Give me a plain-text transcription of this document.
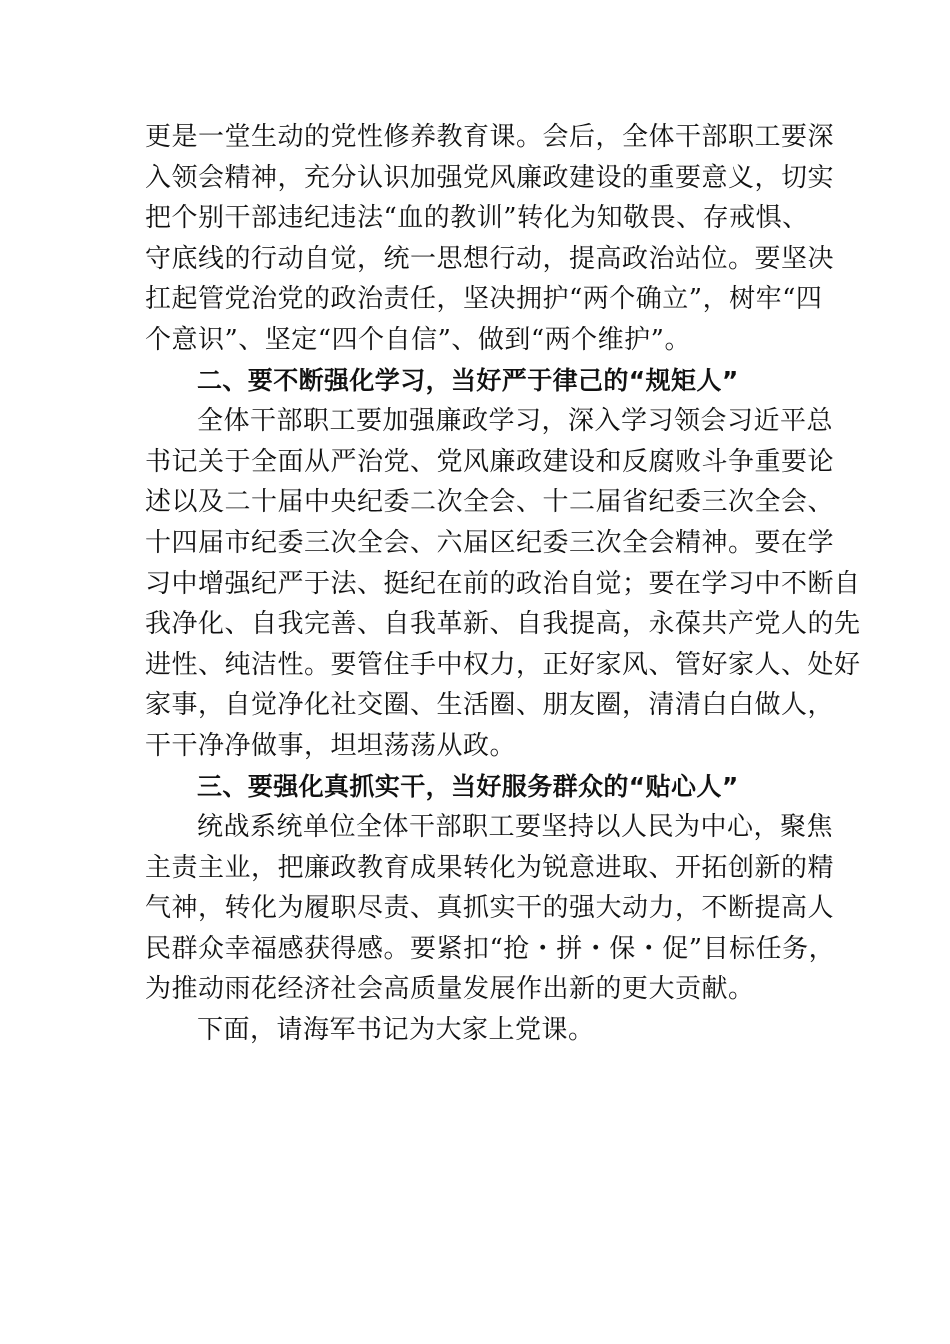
更是一堂生动的党性修养教育课。会后，全体干部职工要深
入领会精神，充分认识加强党风廉政建设的重要意义，切实
把个别干部违纪违法“血的教训”转化为知敬畏、存戒惧、
守底线的行动自觉，统一思想行动，提高政治站位。要坚决
扛起管党治党的政治责任，坚决拥护“两个确立”，树牢“四
个意识”、坚定“四个自信”、做到“两个维护”。
二、要不断强化学习，当好严于律己的“规矩人”
全体干部职工要加强廉政学习，深入学习领会习近平总
书记关于全面从严治党、党风廉政建设和反腐败斗争重要论
述以及二十届中央纪委二次全会、十二届省纪委三次全会、
十四届市纪委三次全会、六届区纪委三次全会精神。要在学
习中增强纪严于法、挺纪在前的政治自觉；要在学习中不断自
我净化、自我完善、自我革新、自我提高，永葆共产党人的先
进性、纯洁性。要管住手中权力，正好家风、管好家人、处好
家事，自觉净化社交圈、生活圈、朋友圈，清清白白做人，
干干净净做事，坦坦荡荡从政。
三、要强化真抓实干，当好服务群众的“贴心人”
统战系统单位全体干部职工要坚持以人民为中心，聚焦
主责主业，把廉政教育成果转化为锐意进取、开拓创新的精
气神，转化为履职尽责、真抓实干的强大动力，不断提高人
民群众幸福感获得感。要紧扣“抢・拼・保・促”目标任务，
为推动雨花经济社会高质量发展作出新的更大贡献。
下面，请海军书记为大家上党课。
